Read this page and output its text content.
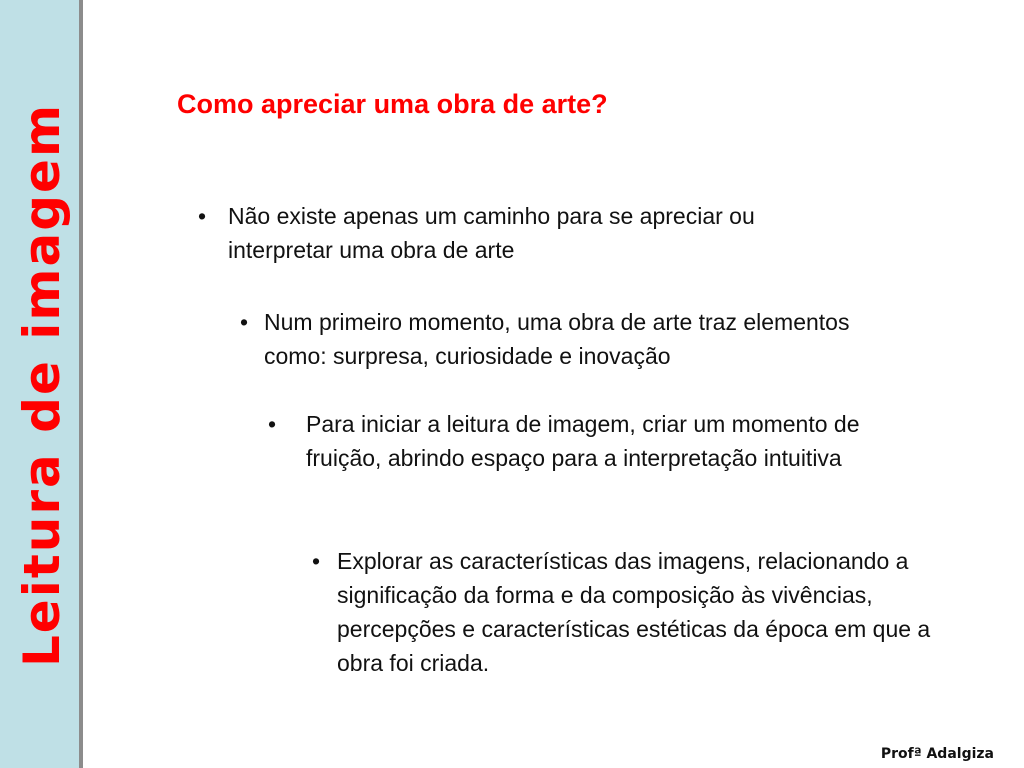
Leitura de imagem	Como apreciar uma obra de arte?
• Não existe apenas um caminho para se apreciar ou interpretar uma obra de arte
• Num primeiro momento, uma obra de arte traz elementos como: surpresa, curiosidade e inovação
• Para iniciar a leitura de imagem, criar um momento de fruição, abrindo espaço para a interpretação intuitiva
• Explorar as características das imagens, relacionando a significação da forma e da composição às vivências, percepções e características estéticas da época em que a obra foi criada.
Profª Adalgiza
